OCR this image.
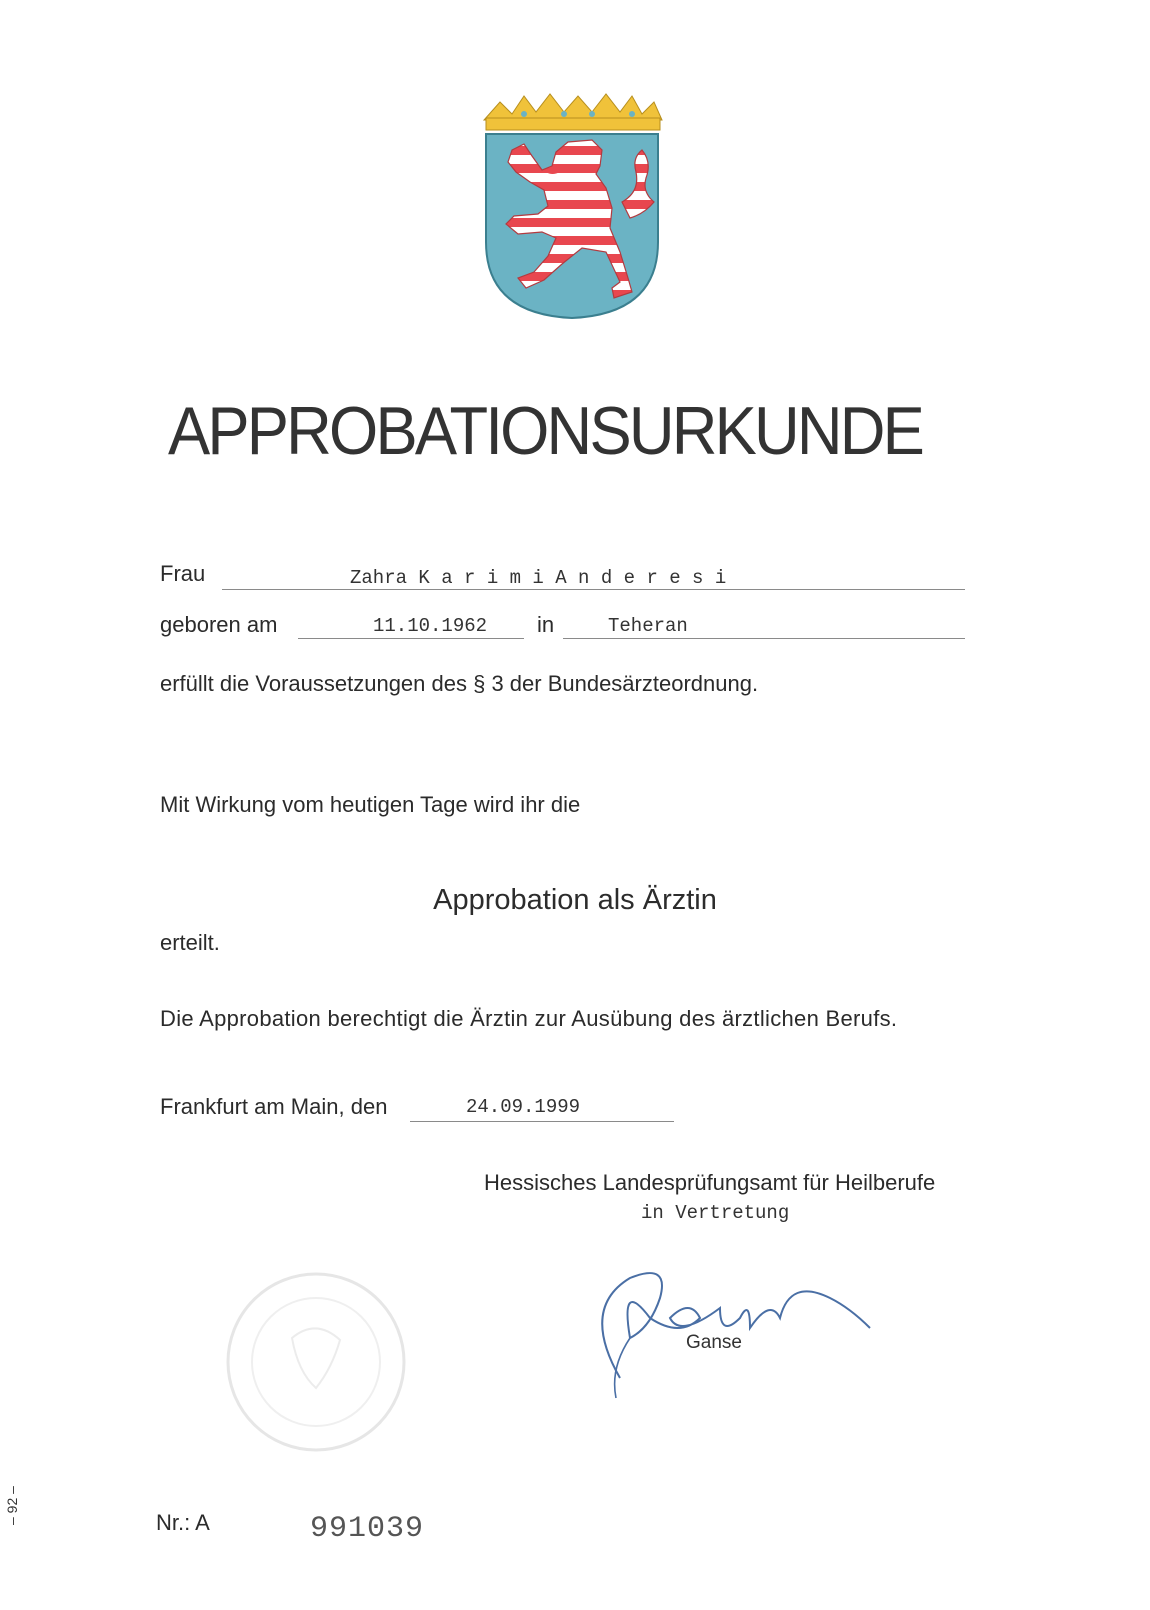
APPROBATIONSURKUNDE
Frau	Zahra K a r i m i A n d e r e s i
geboren am	11.10.1962 in	Teheran
erfüllt die Voraussetzungen des § 3 der Bundesärzteordnung.
Mit Wirkung vom heutigen Tage wird ihr die
Approbation als Ärztin
erteilt.
Die Approbation berechtigt die Ärztin zur Ausübung des ärztlichen Berufs.
Frankfurt am Main, den	24.09.1999
Hessisches Landesprüfungsamt für Heilberufe
in Vertretung
Ganse
– 92 –	Nr.: A	991039
